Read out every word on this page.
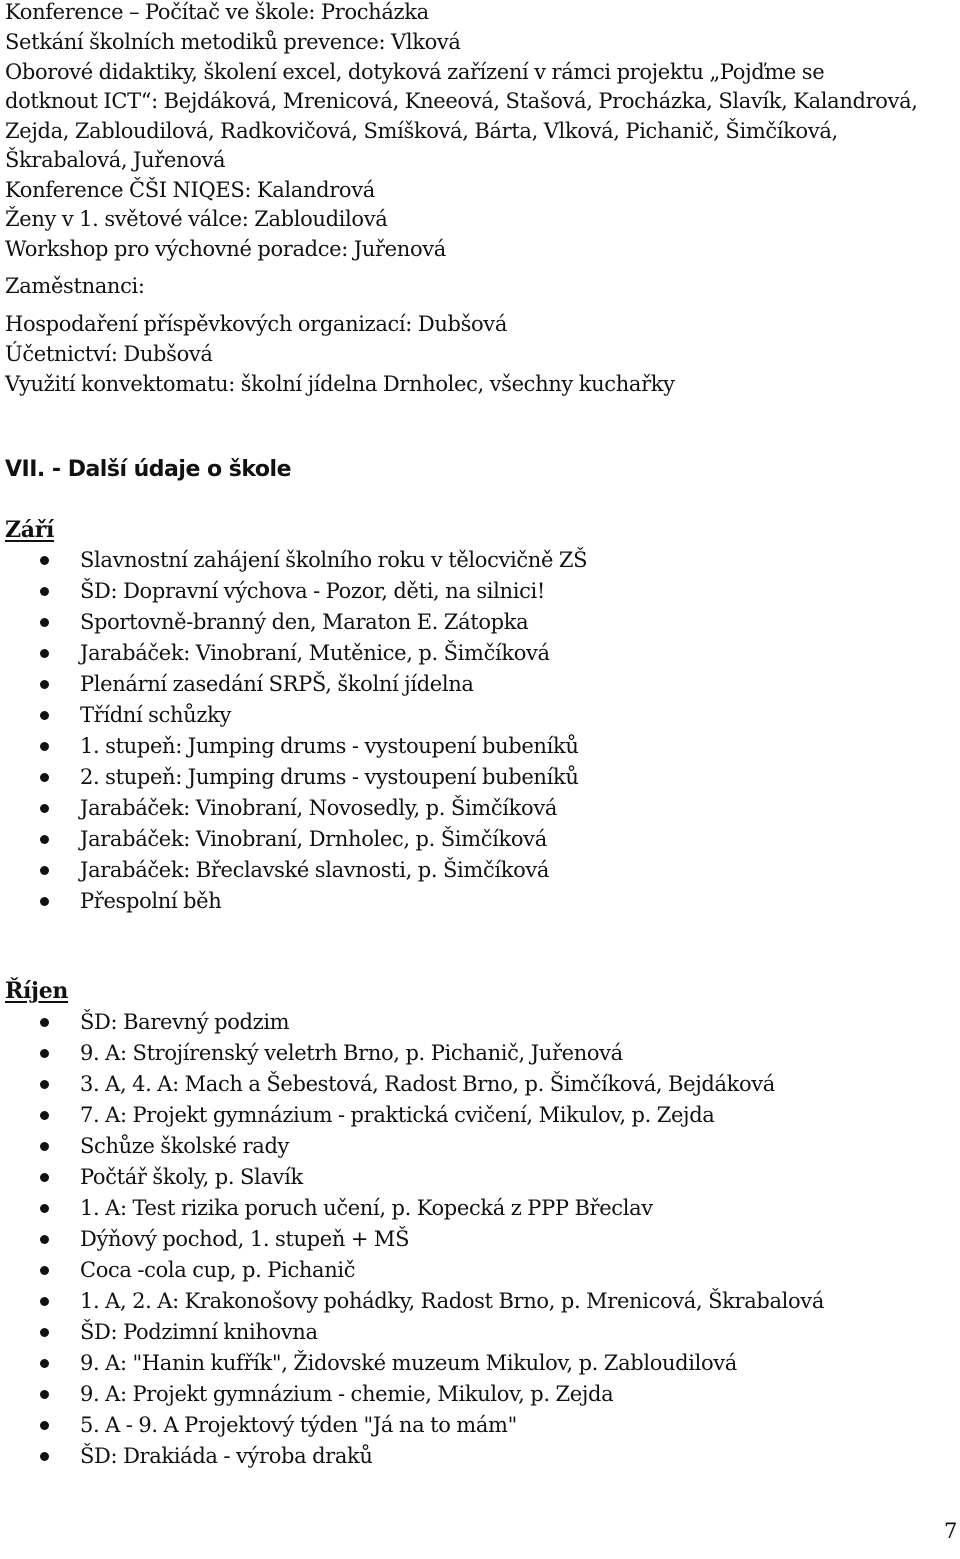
Konference – Počítač ve škole: Procházka
Setkání školních metodiků prevence: Vlková
Oborové didaktiky, školení excel, dotyková zařízení v rámci projektu „Pojďme se
dotknout ICT“: Bejdáková, Mrenicová, Kneeová, Stašová, Procházka, Slavík, Kalandrová,
Zejda, Zabloudilová, Radkovičová, Smíšková, Bárta, Vlková, Pichanič, Šimčíková,
Škrabalová, Juřenová
Konference ČŠI NIQES: Kalandrová
Ženy v 1. světové válce: Zabloudilová
Workshop pro výchovné poradce: Juřenová
Zaměstnanci:
Hospodaření příspěvkových organizací: Dubšová
Účetnictví: Dubšová
Využití konvektomatu: školní jídelna Drnholec, všechny kuchařky
VII. - Další údaje o škole
Září
Slavnostní zahájení školního roku v tělocvičně ZŠ
ŠD: Dopravní výchova - Pozor, děti, na silnici!
Sportovně-branný den, Maraton E. Zátopka
Jarabáček: Vinobraní, Mutěnice, p. Šimčíková
Plenární zasedání SRPŠ, školní jídelna
Třídní schůzky
1. stupeň: Jumping drums - vystoupení bubeníků
2. stupeň: Jumping drums - vystoupení bubeníků
Jarabáček: Vinobraní, Novosedly, p. Šimčíková
Jarabáček: Vinobraní, Drnholec, p. Šimčíková
Jarabáček: Břeclavské slavnosti, p. Šimčíková
Přespolní běh
Říjen
ŠD: Barevný podzim
9. A: Strojírenský veletrh Brno, p. Pichanič, Juřenová
3. A, 4. A: Mach a Šebestová, Radost Brno, p. Šimčíková, Bejdáková
7. A: Projekt gymnázium - praktická cvičení, Mikulov, p. Zejda
Schůze školské rady
Počtář školy, p. Slavík
1. A: Test rizika poruch učení, p. Kopecká z PPP Břeclav
Dýňový pochod, 1. stupeň + MŠ
Coca -cola cup, p. Pichanič
1. A, 2. A: Krakonošovy pohádky, Radost Brno, p. Mrenicová, Škrabalová
ŠD: Podzimní knihovna
9. A: "Hanin kufřík", Židovské muzeum Mikulov, p. Zabloudilová
9. A: Projekt gymnázium - chemie, Mikulov, p. Zejda
5. A - 9. A Projektový týden "Já na to mám"
ŠD: Drakiáda - výroba draků
7
